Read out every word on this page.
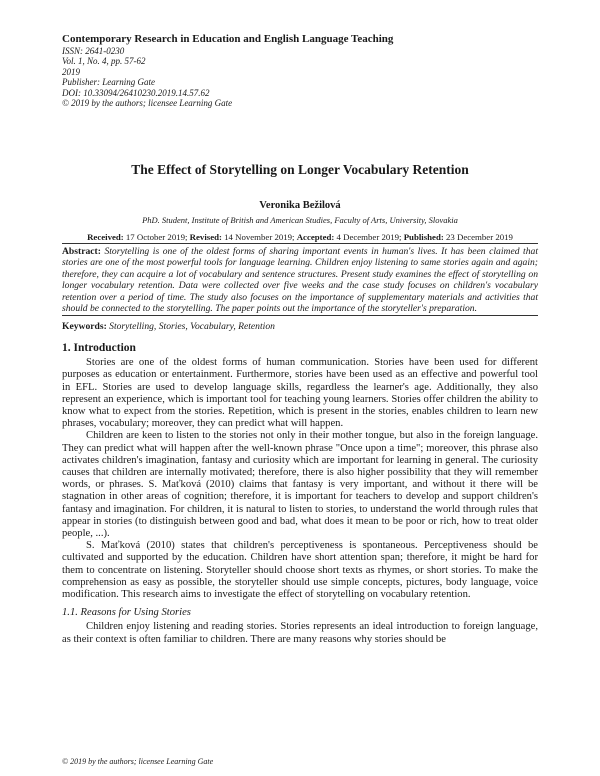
Contemporary Research in Education and English Language Teaching
ISSN: 2641-0230
Vol. 1, No. 4, pp. 57-62
2019
Publisher: Learning Gate
DOI: 10.33094/26410230.2019.14.57.62
© 2019 by the authors; licensee Learning Gate
The Effect of Storytelling on Longer Vocabulary Retention
Veronika Bežilová
PhD. Student, Institute of British and American Studies, Faculty of Arts, University, Slovakia
Received: 17 October 2019; Revised: 14 November 2019; Accepted: 4 December 2019; Published: 23 December 2019
Abstract: Storytelling is one of the oldest forms of sharing important events in human's lives. It has been claimed that stories are one of the most powerful tools for language learning. Children enjoy listening to same stories again and again; therefore, they can acquire a lot of vocabulary and sentence structures. Present study examines the effect of storytelling on longer vocabulary retention. Data were collected over five weeks and the case study focuses on children's vocabulary retention over a period of time. The study also focuses on the importance of supplementary materials and activities that should be connected to the storytelling. The paper points out the importance of the storyteller's preparation.
Keywords: Storytelling, Stories, Vocabulary, Retention
1. Introduction

Stories are one of the oldest forms of human communication. Stories have been used for different purposes as education or entertainment. Furthermore, stories have been used as an effective and powerful tool in EFL. Stories are used to develop language skills, regardless the learner's age. Additionally, they also represent an experience, which is important tool for teaching young learners. Stories offer children the ability to know what to expect from the stories. Repetition, which is present in the stories, enables children to learn new phrases, vocabulary; moreover, they can predict what will happen.

Children are keen to listen to the stories not only in their mother tongue, but also in the foreign language. They can predict what will happen after the well-known phrase "Once upon a time"; moreover, this phrase also activates children's imagination, fantasy and curiosity which are important for learning in general. The curiosity causes that children are internally motivated; therefore, there is also higher possibility that they will remember words, or phrases. S. Maťková (2010) claims that fantasy is very important, and without it there will be stagnation in other areas of cognition; therefore, it is important for teachers to develop and support children's fantasy and imagination. For children, it is natural to listen to stories, to understand the world through rules that appear in stories (to distinguish between good and bad, what does it mean to be poor or rich, how to treat older people, ...).

S. Maťková (2010) states that children's perceptiveness is spontaneous. Perceptiveness should be cultivated and supported by the education. Children have short attention span; therefore, it might be hard for them to concentrate on listening. Storyteller should choose short texts as rhymes, or short stories. To make the comprehension as easy as possible, the storyteller should use simple concepts, pictures, body language, voice modification. This research aims to investigate the effect of storytelling on vocabulary retention.

1.1. Reasons for Using Stories

Children enjoy listening and reading stories. Stories represents an ideal introduction to foreign language, as their context is often familiar to children. There are many reasons why stories should be

© 2019 by the authors; licensee Learning Gate
